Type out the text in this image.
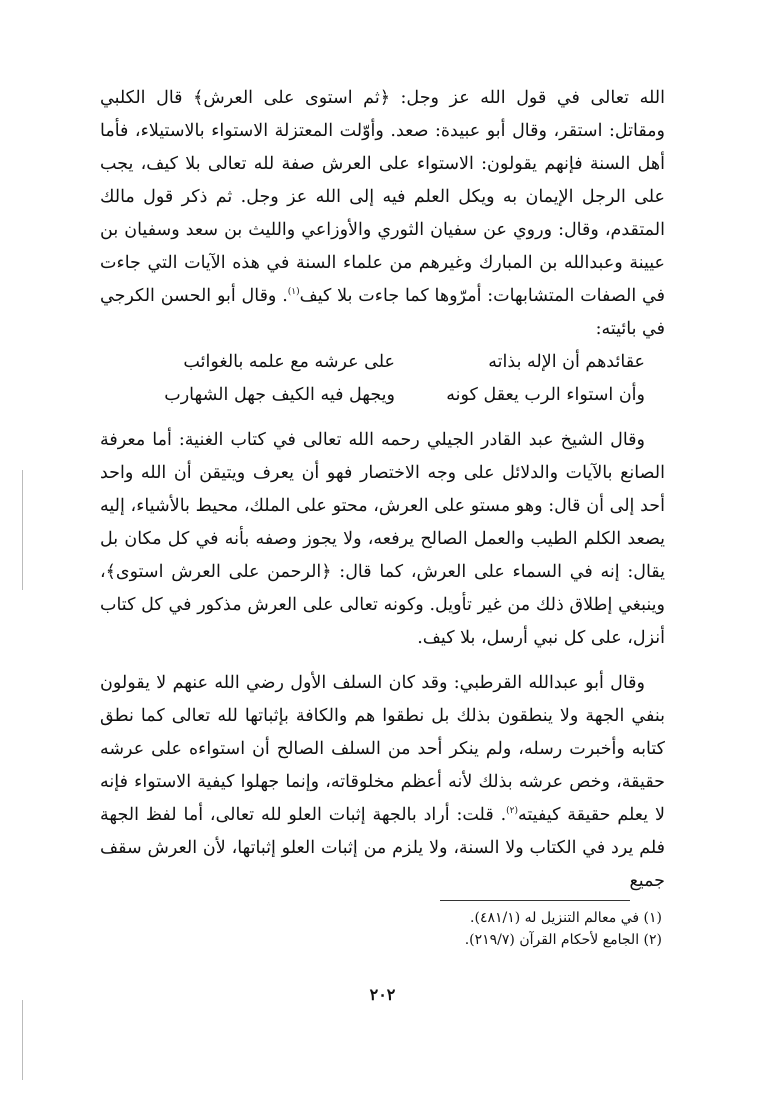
الله تعالى في قول الله عز وجل: ﴿ثم استوى على العرش﴾ قال الكلبي ومقاتل: استقر، وقال أبو عبيدة: صعد. وأوّلت المعتزلة الاستواء بالاستيلاء، فأما أهل السنة فإنهم يقولون: الاستواء على العرش صفة لله تعالى بلا كيف، يجب على الرجل الإيمان به ويكل العلم فيه إلى الله عز وجل. ثم ذكر قول مالك المتقدم، وقال: وروي عن سفيان الثوري والأوزاعي والليث بن سعد وسفيان بن عيينة وعبدالله بن المبارك وغيرهم من علماء السنة في هذه الآيات التي جاءت في الصفات المتشابهات: أمرّوها كما جاءت بلا كيف$^{(١)}$. وقال أبو الحسن الكرجي في بائيته:

عقائدهم أن الإله بذاته
على عرشه مع علمه بالغوائب
وأن استواء الرب يعقل كونه
ويجهل فيه الكيف جهل الشهارب

وقال الشيخ عبد القادر الجيلي رحمه الله تعالى في كتاب الغنية: أما معرفة الصانع بالآيات والدلائل على وجه الاختصار فهو أن يعرف ويتيقن أن الله واحد أحد إلى أن قال: وهو مستو على العرش، محتو على الملك، محيط بالأشياء، إليه يصعد الكلم الطيب والعمل الصالح يرفعه، ولا يجوز وصفه بأنه في كل مكان بل يقال: إنه في السماء على العرش، كما قال: ﴿الرحمن على العرش استوى﴾، وينبغي إطلاق ذلك من غير تأويل. وكونه تعالى على العرش مذكور في كل كتاب أنزل، على كل نبي أرسل، بلا كيف.

وقال أبو عبدالله القرطبي: وقد كان السلف الأول رضي الله عنهم لا يقولون بنفي الجهة ولا ينطقون بذلك بل نطقوا هم والكافة بإثباتها لله تعالى كما نطق كتابه وأخبرت رسله، ولم ينكر أحد من السلف الصالح أن استواءه على عرشه حقيقة، وخص عرشه بذلك لأنه أعظم مخلوقاته، وإنما جهلوا كيفية الاستواء فإنه لا يعلم حقيقة كيفيته$^{(٢)}$. قلت: أراد بالجهة إثبات العلو لله تعالى، أما لفظ الجهة فلم يرد في الكتاب ولا السنة، ولا يلزم من إثبات العلو إثباتها، لأن العرش سقف جميع

(١) في معالم التنزيل له (٤٨١/١).
(٢) الجامع لأحكام القرآن (٢١٩/٧).
٢٠٢
